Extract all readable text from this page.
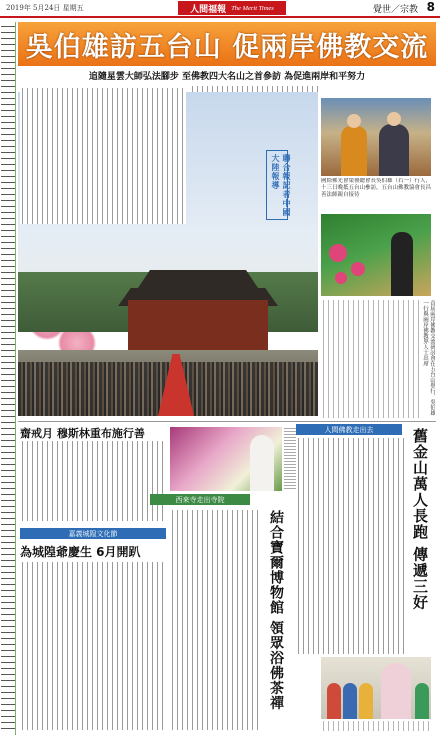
2019年 5月24日 星期五	人間福報 The Merit Times	覺世／宗教 8
吳伯雄訪五台山 促兩岸佛教交流
追隨星雲大師弘法腳步 至佛教四大名山之首參訪 為促進兩岸和平努力
聯合報記者中國大陸報導	國際佛光會榮譽總會長吳伯雄（右一）行人，十三日晚抵五台山參訪，五台山佛教協會長昌善法師親自接待
首屆兩岸佛教交流研討會在五台山舉行，吳伯雄一行與兩岸佛教界人士出席
齋戒月 穆斯林重布施行善
嘉義城隍文化節
為城隍爺慶生 6月開趴
西來寺走出寺院
結合寶爾博物館 領眾浴佛茶禪
人間佛教走出去	舊金山萬人長跑 傳遞三好
